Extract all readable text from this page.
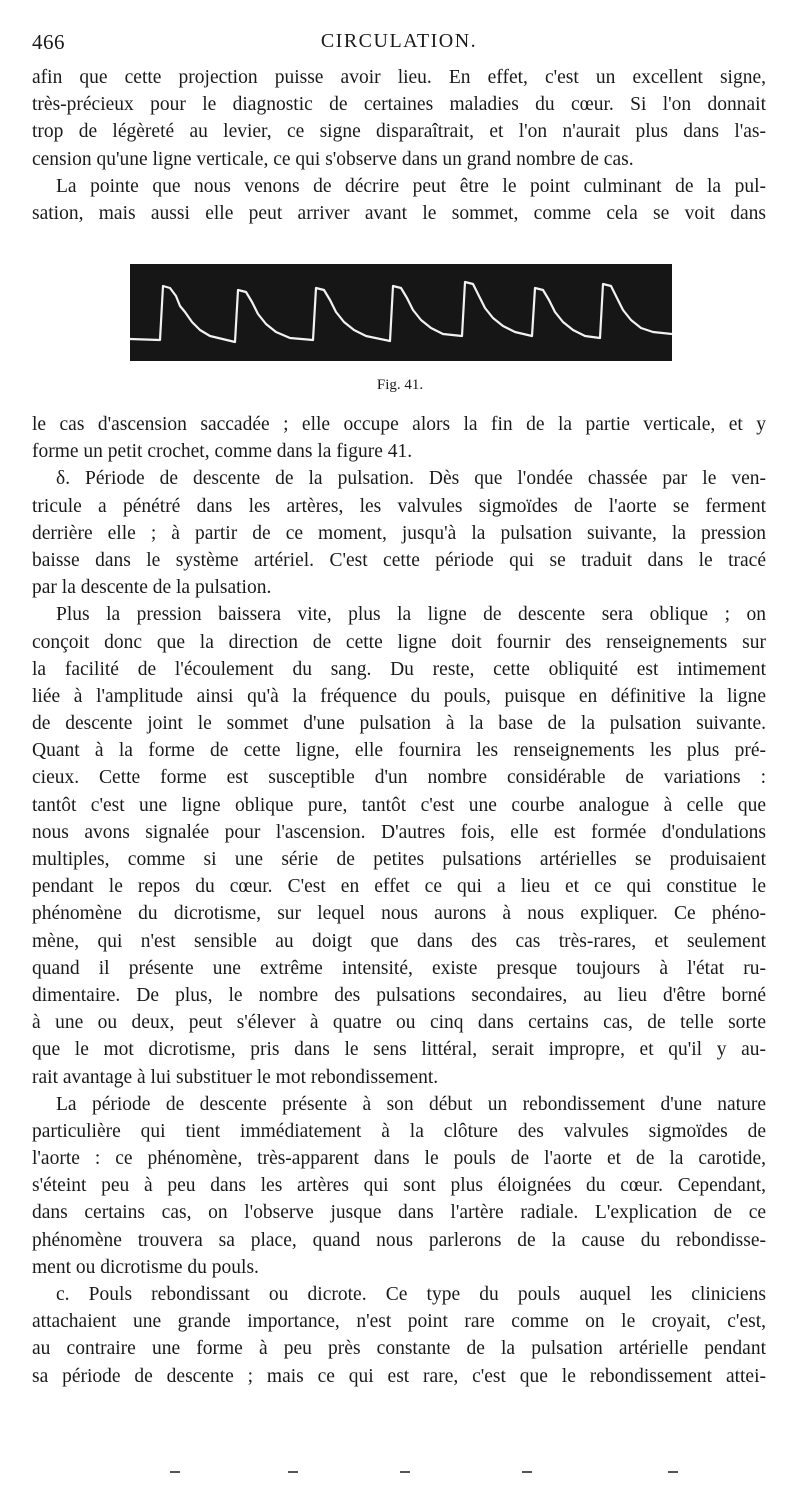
466	CIRCULATION.
afin que cette projection puisse avoir lieu. En effet, c'est un excellent signe,
très-précieux pour le diagnostic de certaines maladies du cœur. Si l'on donnait
trop de légèreté au levier, ce signe disparaîtrait, et l'on n'aurait plus dans l'as-
cension qu'une ligne verticale, ce qui s'observe dans un grand nombre de cas.
La pointe que nous venons de décrire peut être le point culminant de la pul-
sation, mais aussi elle peut arriver avant le sommet, comme cela se voit dans
Fig. 41.
le cas d'ascension saccadée ; elle occupe alors la fin de la partie verticale, et y
forme un petit crochet, comme dans la figure 41.
δ. Période de descente de la pulsation. Dès que l'ondée chassée par le ven-
tricule a pénétré dans les artères, les valvules sigmoïdes de l'aorte se ferment
derrière elle ; à partir de ce moment, jusqu'à la pulsation suivante, la pression
baisse dans le système artériel. C'est cette période qui se traduit dans le tracé
par la descente de la pulsation.
Plus la pression baissera vite, plus la ligne de descente sera oblique ; on
conçoit donc que la direction de cette ligne doit fournir des renseignements sur
la facilité de l'écoulement du sang. Du reste, cette obliquité est intimement
liée à l'amplitude ainsi qu'à la fréquence du pouls, puisque en définitive la ligne
de descente joint le sommet d'une pulsation à la base de la pulsation suivante.
Quant à la forme de cette ligne, elle fournira les renseignements les plus pré-
cieux. Cette forme est susceptible d'un nombre considérable de variations :
tantôt c'est une ligne oblique pure, tantôt c'est une courbe analogue à celle que
nous avons signalée pour l'ascension. D'autres fois, elle est formée d'ondulations
multiples, comme si une série de petites pulsations artérielles se produisaient
pendant le repos du cœur. C'est en effet ce qui a lieu et ce qui constitue le
phénomène du dicrotisme, sur lequel nous aurons à nous expliquer. Ce phéno-
mène, qui n'est sensible au doigt que dans des cas très-rares, et seulement
quand il présente une extrême intensité, existe presque toujours à l'état ru-
dimentaire. De plus, le nombre des pulsations secondaires, au lieu d'être borné
à une ou deux, peut s'élever à quatre ou cinq dans certains cas, de telle sorte
que le mot dicrotisme, pris dans le sens littéral, serait impropre, et qu'il y au-
rait avantage à lui substituer le mot rebondissement.
La période de descente présente à son début un rebondissement d'une nature
particulière qui tient immédiatement à la clôture des valvules sigmoïdes de
l'aorte : ce phénomène, très-apparent dans le pouls de l'aorte et de la carotide,
s'éteint peu à peu dans les artères qui sont plus éloignées du cœur. Cependant,
dans certains cas, on l'observe jusque dans l'artère radiale. L'explication de ce
phénomène trouvera sa place, quand nous parlerons de la cause du rebondisse-
ment ou dicrotisme du pouls.
c. Pouls rebondissant ou dicrote. Ce type du pouls auquel les cliniciens
attachaient une grande importance, n'est point rare comme on le croyait, c'est,
au contraire une forme à peu près constante de la pulsation artérielle pendant
sa période de descente ; mais ce qui est rare, c'est que le rebondissement attei-
